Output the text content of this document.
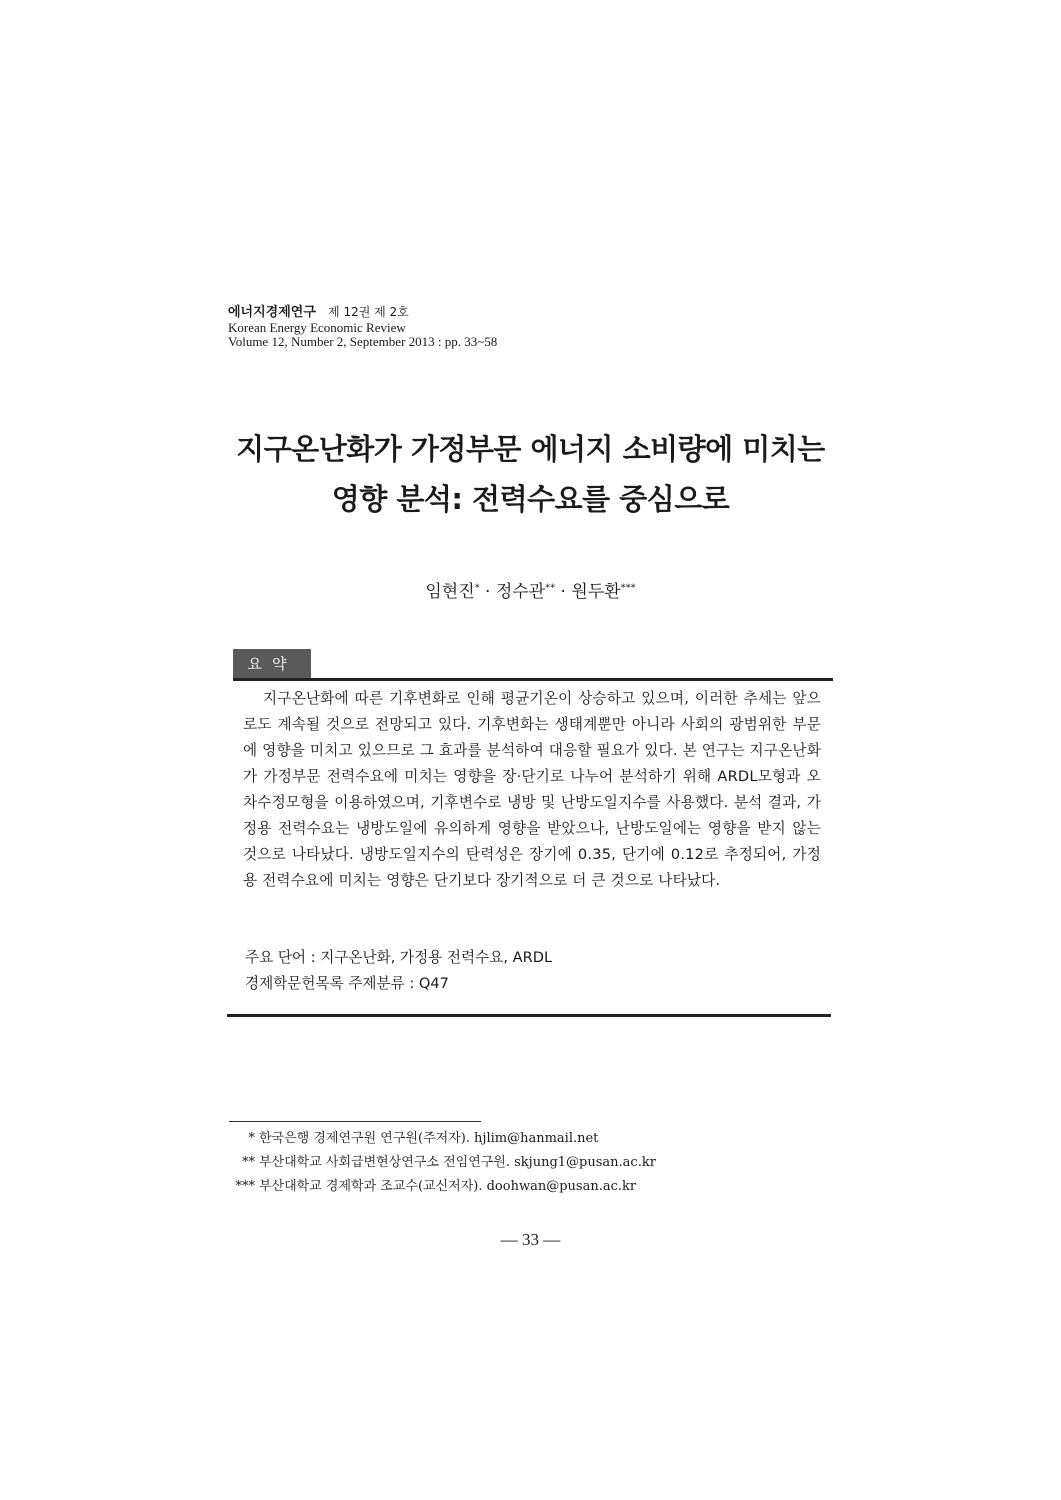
에너지경제연구 제 12권 제 2호
Korean Energy Economic Review
Volume 12, Number 2, September 2013 : pp. 33~58
지구온난화가 가정부문 에너지 소비량에 미치는
영향 분석: 전력수요를 중심으로
임현진* · 정수관** · 원두환***
요약
지구온난화에 따른 기후변화로 인해 평균기온이 상승하고 있으며, 이러한 추세는 앞으로도 계속될 것으로 전망되고 있다. 기후변화는 생태계뿐만 아니라 사회의 광범위한 부문에 영향을 미치고 있으므로 그 효과를 분석하여 대응할 필요가 있다. 본 연구는 지구온난화가 가정부문 전력수요에 미치는 영향을 장·단기로 나누어 분석하기 위해 ARDL모형과 오차수정모형을 이용하였으며, 기후변수로 냉방 및 난방도일지수를 사용했다. 분석 결과, 가정용 전력수요는 냉방도일에 유의하게 영향을 받았으나, 난방도일에는 영향을 받지 않는 것으로 나타났다. 냉방도일지수의 탄력성은 장기에 0.35, 단기에 0.12로 추정되어, 가정용 전력수요에 미치는 영향은 단기보다 장기적으로 더 큰 것으로 나타났다.
주요 단어 : 지구온난화, 가정용 전력수요, ARDL
경제학문헌목록 주제분류 : Q47
* 한국은행 경제연구원 연구원(주저자). hjlim@hanmail.net
** 부산대학교 사회급변현상연구소 전임연구원. skjung1@pusan.ac.kr
*** 부산대학교 경제학과 조교수(교신저자). doohwan@pusan.ac.kr
— 33 —
